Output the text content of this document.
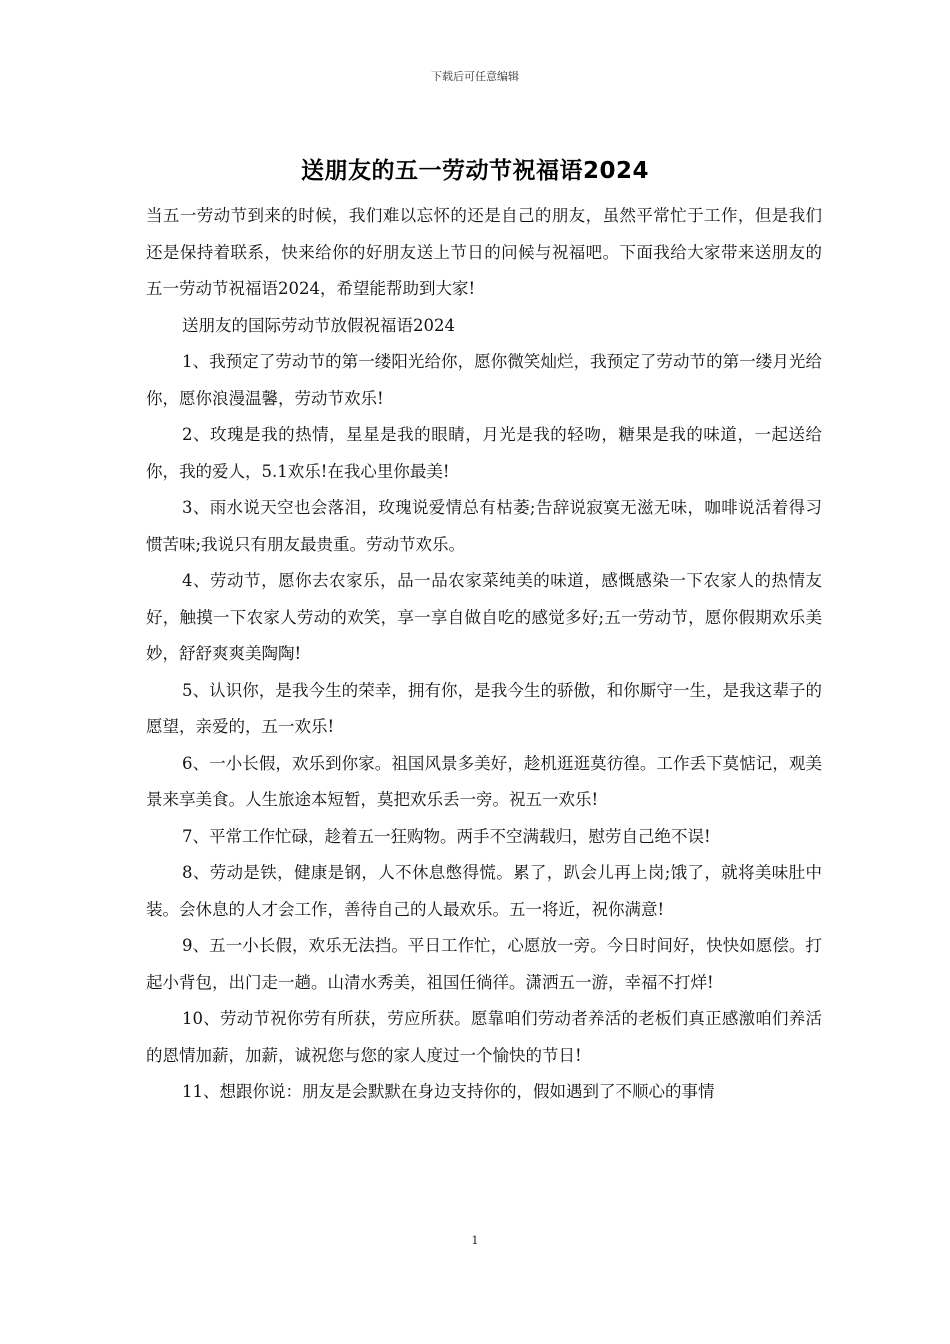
下载后可任意编辑
送朋友的五一劳动节祝福语2024

当五一劳动节到来的时候，我们难以忘怀的还是自己的朋友，虽然平常忙于工作，但是我们还是保持着联系，快来给你的好朋友送上节日的问候与祝福吧。下面我给大家带来送朋友的五一劳动节祝福语2024，希望能帮助到大家!

送朋友的国际劳动节放假祝福语2024

1、我预定了劳动节的第一缕阳光给你，愿你微笑灿烂，我预定了劳动节的第一缕月光给你，愿你浪漫温馨，劳动节欢乐!

2、玫瑰是我的热情，星星是我的眼睛，月光是我的轻吻，糖果是我的味道，一起送给你，我的爱人，5.1欢乐!在我心里你最美!

3、雨水说天空也会落泪，玫瑰说爱情总有枯萎;告辞说寂寞无滋无味，咖啡说活着得习惯苦味;我说只有朋友最贵重。劳动节欢乐。

4、劳动节，愿你去农家乐，品一品农家菜纯美的味道，感慨感染一下农家人的热情友好，触摸一下农家人劳动的欢笑，享一享自做自吃的感觉多好;五一劳动节，愿你假期欢乐美妙，舒舒爽爽美陶陶!

5、认识你，是我今生的荣幸，拥有你，是我今生的骄傲，和你厮守一生，是我这辈子的愿望，亲爱的，五一欢乐!

6、一小长假，欢乐到你家。祖国风景多美好，趁机逛逛莫彷徨。工作丢下莫惦记，观美景来享美食。人生旅途本短暂，莫把欢乐丢一旁。祝五一欢乐!

7、平常工作忙碌，趁着五一狂购物。两手不空满载归，慰劳自己绝不误!

8、劳动是铁，健康是钢，人不休息憋得慌。累了，趴会儿再上岗;饿了，就将美味肚中装。会休息的人才会工作，善待自己的人最欢乐。五一将近，祝你满意!

9、五一小长假，欢乐无法挡。平日工作忙，心愿放一旁。今日时间好，快快如愿偿。打起小背包，出门走一趟。山清水秀美，祖国任徜徉。潇洒五一游，幸福不打烊!

10、劳动节祝你劳有所获，劳应所获。愿靠咱们劳动者养活的老板们真正感激咱们养活的恩情加薪，加薪，诚祝您与您的家人度过一个愉快的节日!

11、想跟你说：朋友是会默默在身边支持你的，假如遇到了不顺心的事情

1
